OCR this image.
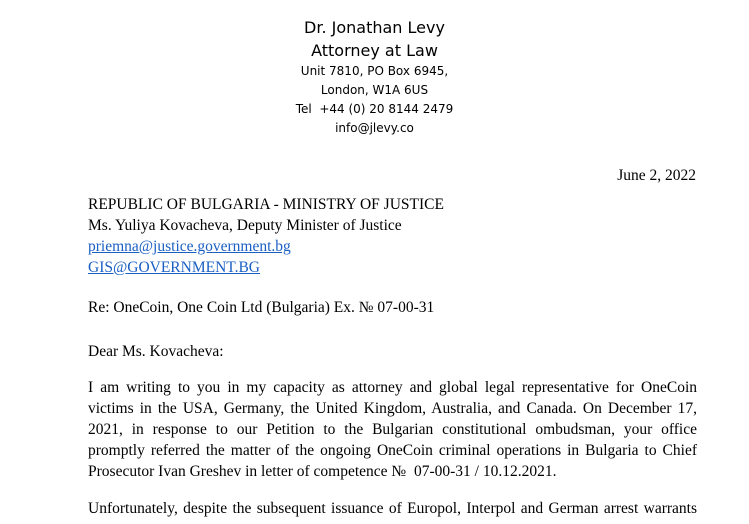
Dr. Jonathan Levy
Attorney at Law
Unit 7810, PO Box 6945,
London, W1A 6US
Tel  +44 (0) 20 8144 2479
info@jlevy.co
June 2, 2022
REPUBLIC OF BULGARIA - MINISTRY OF JUSTICE
Ms. Yuliya Kovacheva, Deputy Minister of Justice
priemna@justice.government.bg
GIS@GOVERNMENT.BG
Re: OneCoin, One Coin Ltd (Bulgaria) Ex. № 07-00-31
Dear Ms. Kovacheva:
I am writing to you in my capacity as attorney and global legal representative for OneCoin
victims in the USA, Germany, the United Kingdom, Australia, and Canada. On December 17,
2021, in response to our Petition to the Bulgarian constitutional ombudsman, your office
promptly referred the matter of the ongoing OneCoin criminal operations in Bulgaria to Chief
Prosecutor Ivan Greshev in letter of competence №  07-00-31 / 10.12.2021.
Unfortunately, despite the subsequent issuance of Europol, Interpol and German arrest warrants
